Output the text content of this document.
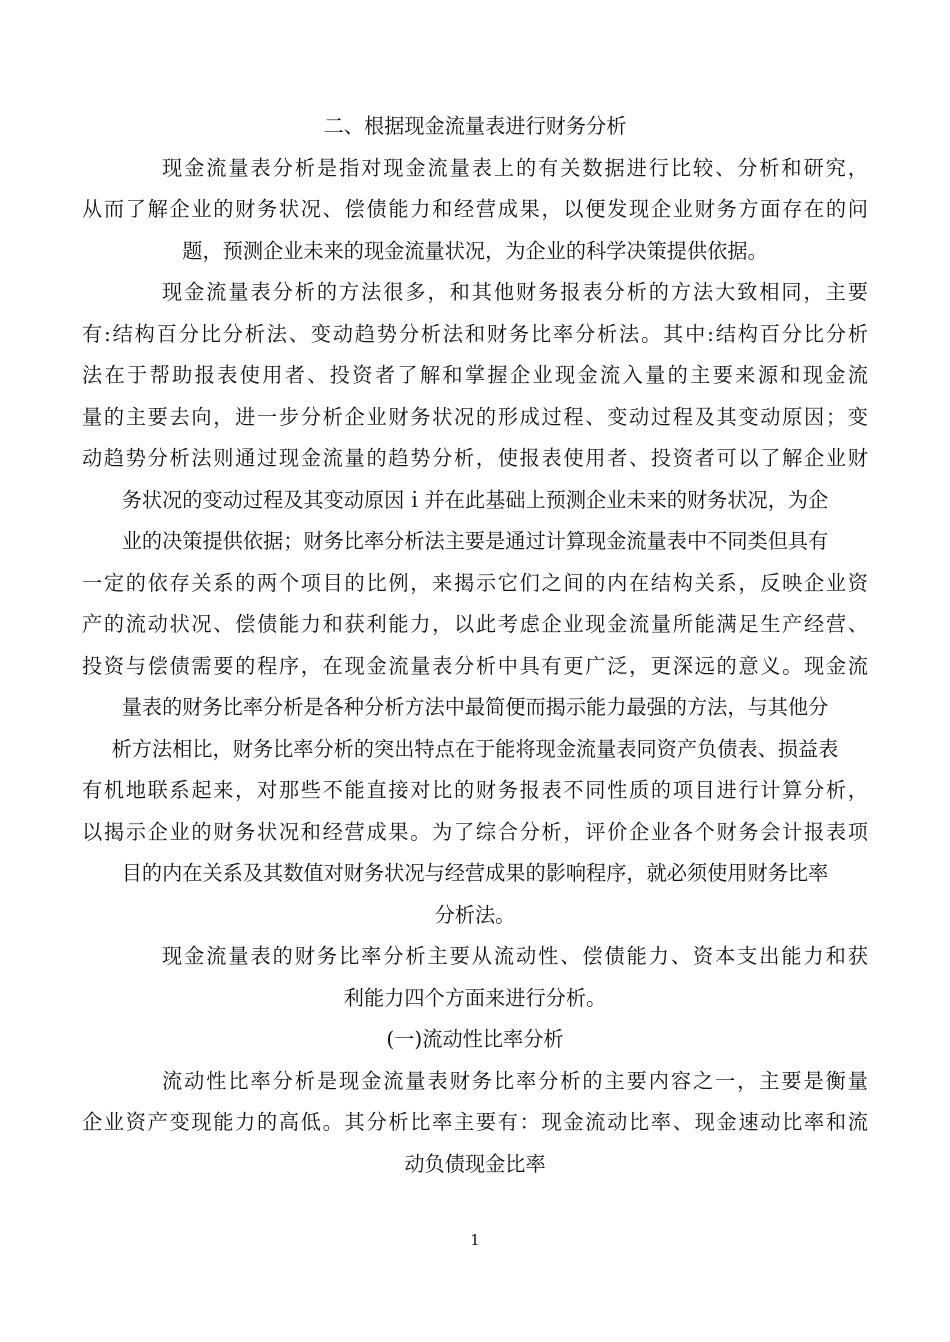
二、根据现金流量表进行财务分析
现金流量表分析是指对现金流量表上的有关数据进行比较、分析和研究，
从而了解企业的财务状况、偿债能力和经营成果，以便发现企业财务方面存在的问
题，预测企业未来的现金流量状况，为企业的科学决策提供依据。
现金流量表分析的方法很多，和其他财务报表分析的方法大致相同，主要
有:结构百分比分析法、变动趋势分析法和财务比率分析法。其中:结构百分比分析
法在于帮助报表使用者、投资者了解和掌握企业现金流入量的主要来源和现金流
量的主要去向，进一步分析企业财务状况的形成过程、变动过程及其变动原因；变
动趋势分析法则通过现金流量的趋势分析，使报表使用者、投资者可以了解企业财
务状况的变动过程及其变动原因ｉ并在此基础上预测企业未来的财务状况，为企
业的决策提供依据；财务比率分析法主要是通过计算现金流量表中不同类但具有
一定的依存关系的两个项目的比例，来揭示它们之间的内在结构关系，反映企业资
产的流动状况、偿债能力和获利能力，以此考虑企业现金流量所能满足生产经营、
投资与偿债需要的程序，在现金流量表分析中具有更广泛，更深远的意义。现金流
量表的财务比率分析是各种分析方法中最简便而揭示能力最强的方法，与其他分
析方法相比，财务比率分析的突出特点在于能将现金流量表同资产负债表、损益表
有机地联系起来，对那些不能直接对比的财务报表不同性质的项目进行计算分析，
以揭示企业的财务状况和经营成果。为了综合分析，评价企业各个财务会计报表项
目的内在关系及其数值对财务状况与经营成果的影响程序，就必须使用财务比率
分析法。
现金流量表的财务比率分析主要从流动性、偿债能力、资本支出能力和获
利能力四个方面来进行分析。
(一)流动性比率分析
流动性比率分析是现金流量表财务比率分析的主要内容之一，主要是衡量
企业资产变现能力的高低。其分析比率主要有：现金流动比率、现金速动比率和流
动负债现金比率
1
